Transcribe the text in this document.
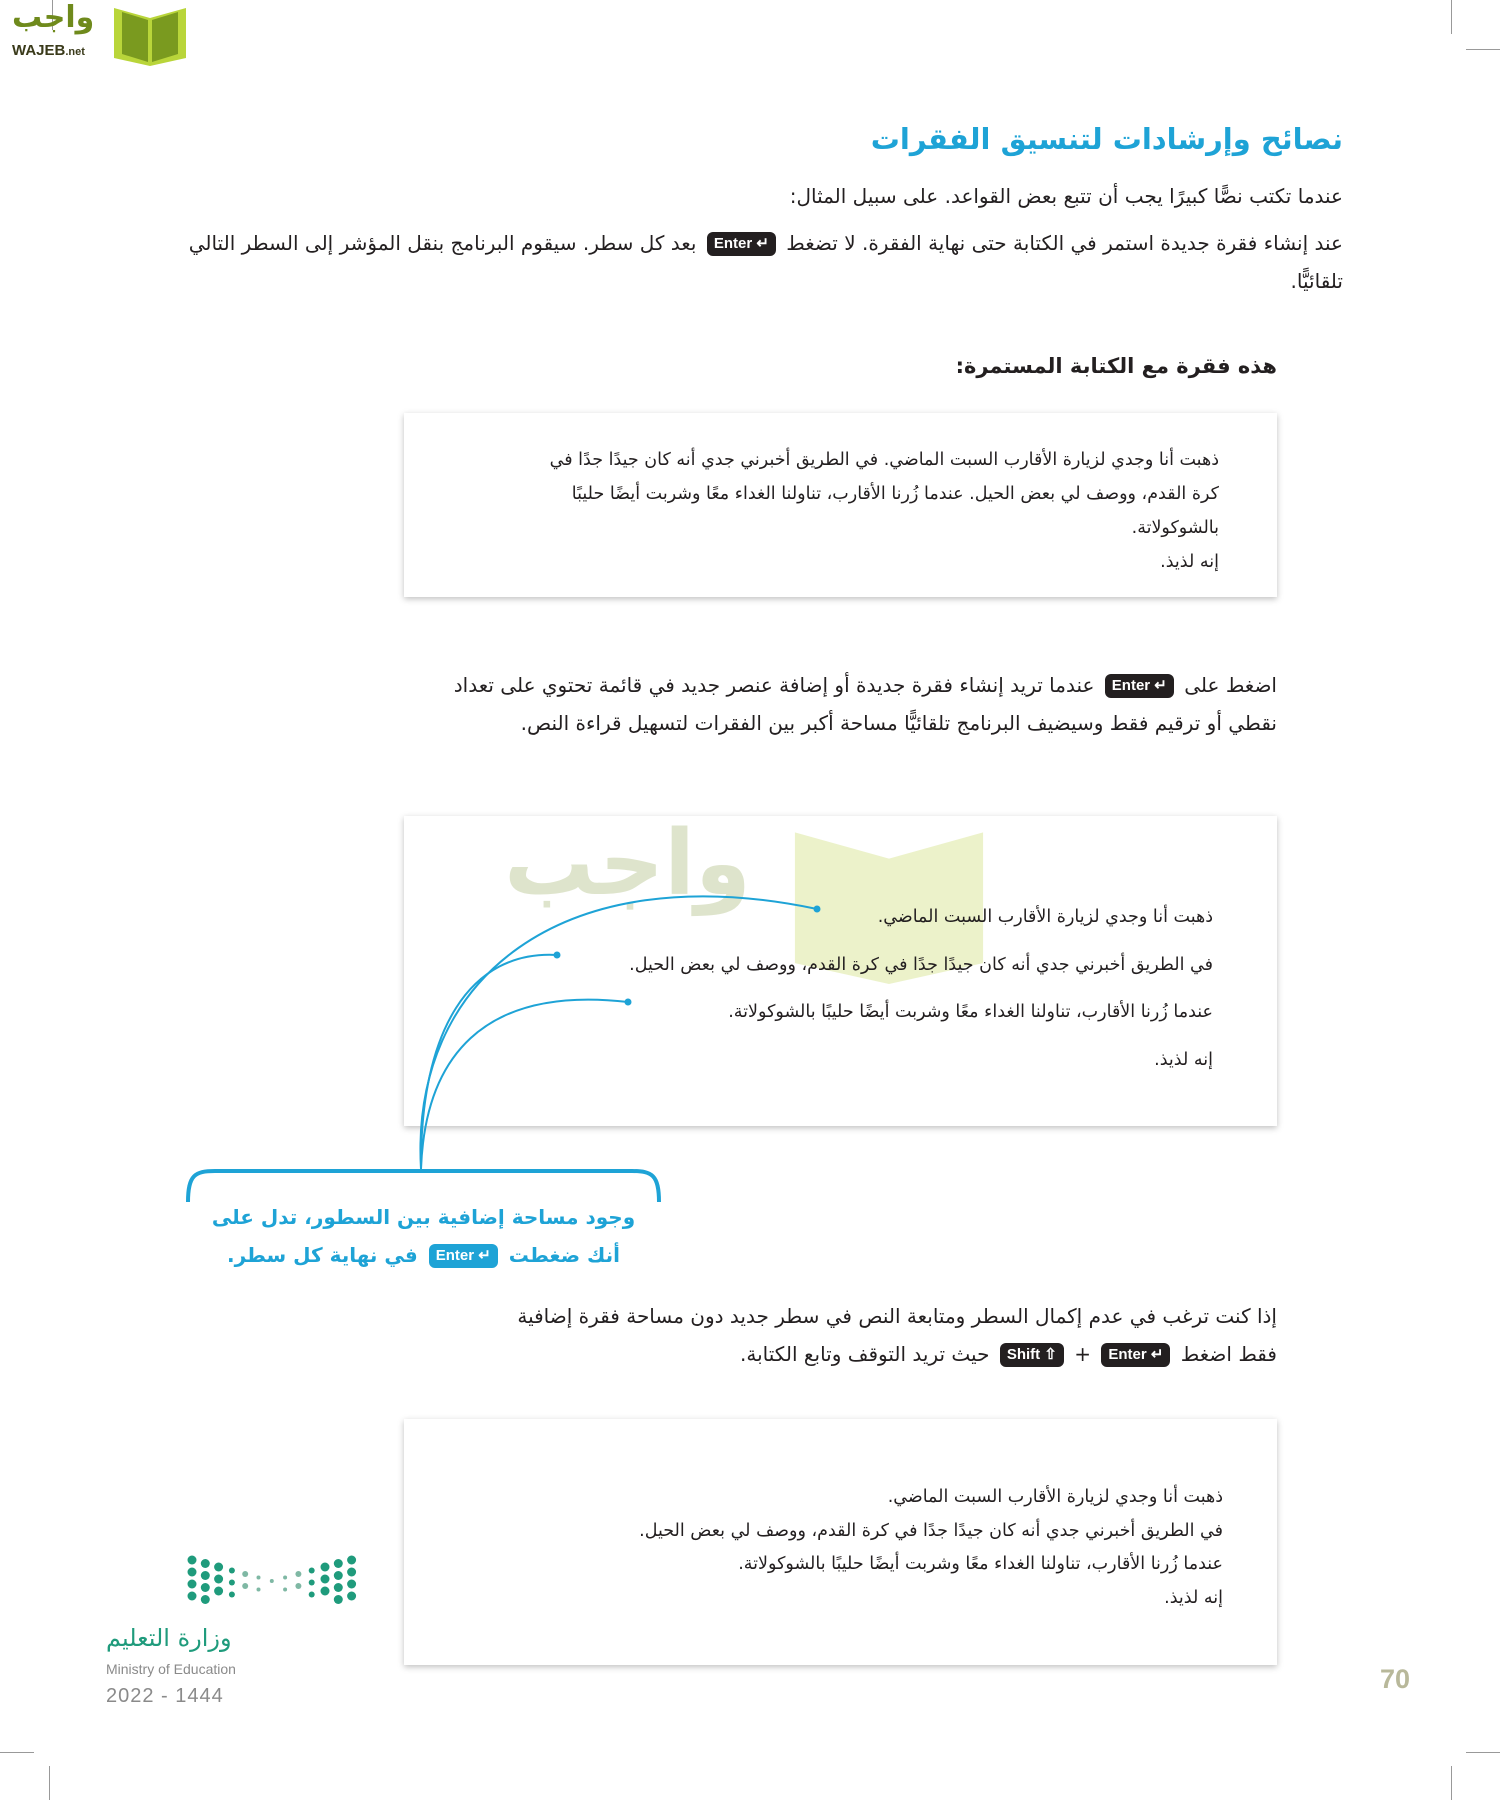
واجب
WAJEB.net
نصائح وإرشادات لتنسيق الفقرات
عندما تكتب نصًّا كبيرًا يجب أن تتبع بعض القواعد. على سبيل المثال:
عند إنشاء فقرة جديدة استمر في الكتابة حتى نهاية الفقرة. لا تضغط Enter ↵ بعد كل سطر. سيقوم البرنامج بنقل المؤشر إلى السطر التالي تلقائيًّا.
هذه فقرة مع الكتابة المستمرة:
ذهبت أنا وجدي لزيارة الأقارب السبت الماضي. في الطريق أخبرني جدي أنه كان جيدًا جدًا في
كرة القدم، ووصف لي بعض الحيل. عندما زُرنا الأقارب، تناولنا الغداء معًا وشربت أيضًا حليبًا
بالشوكولاتة.
إنه لذيذ.
اضغط على Enter ↵ عندما تريد إنشاء فقرة جديدة أو إضافة عنصر جديد في قائمة تحتوي على تعداد نقطي أو ترقيم فقط وسيضيف البرنامج تلقائيًّا مساحة أكبر بين الفقرات لتسهيل قراءة النص.
واجب
ذهبت أنا وجدي لزيارة الأقارب السبت الماضي.
في الطريق أخبرني جدي أنه كان جيدًا جدًا في كرة القدم، ووصف لي بعض الحيل.
عندما زُرنا الأقارب، تناولنا الغداء معًا وشربت أيضًا حليبًا بالشوكولاتة.
إنه لذيذ.
وجود مساحة إضافية بين السطور، تدل على
أنك ضغطت Enter ↵ في نهاية كل سطر.
إذا كنت ترغب في عدم إكمال السطر ومتابعة النص في سطر جديد دون مساحة فقرة إضافية
فقط اضغط Enter ↵ + Shift ⇧ حيث تريد التوقف وتابع الكتابة.
ذهبت أنا وجدي لزيارة الأقارب السبت الماضي.
في الطريق أخبرني جدي أنه كان جيدًا جدًا في كرة القدم، ووصف لي بعض الحيل.
عندما زُرنا الأقارب، تناولنا الغداء معًا وشربت أيضًا حليبًا بالشوكولاتة.
إنه لذيذ.
وزارة التعليم
Ministry of Education
2022 - 1444
70
